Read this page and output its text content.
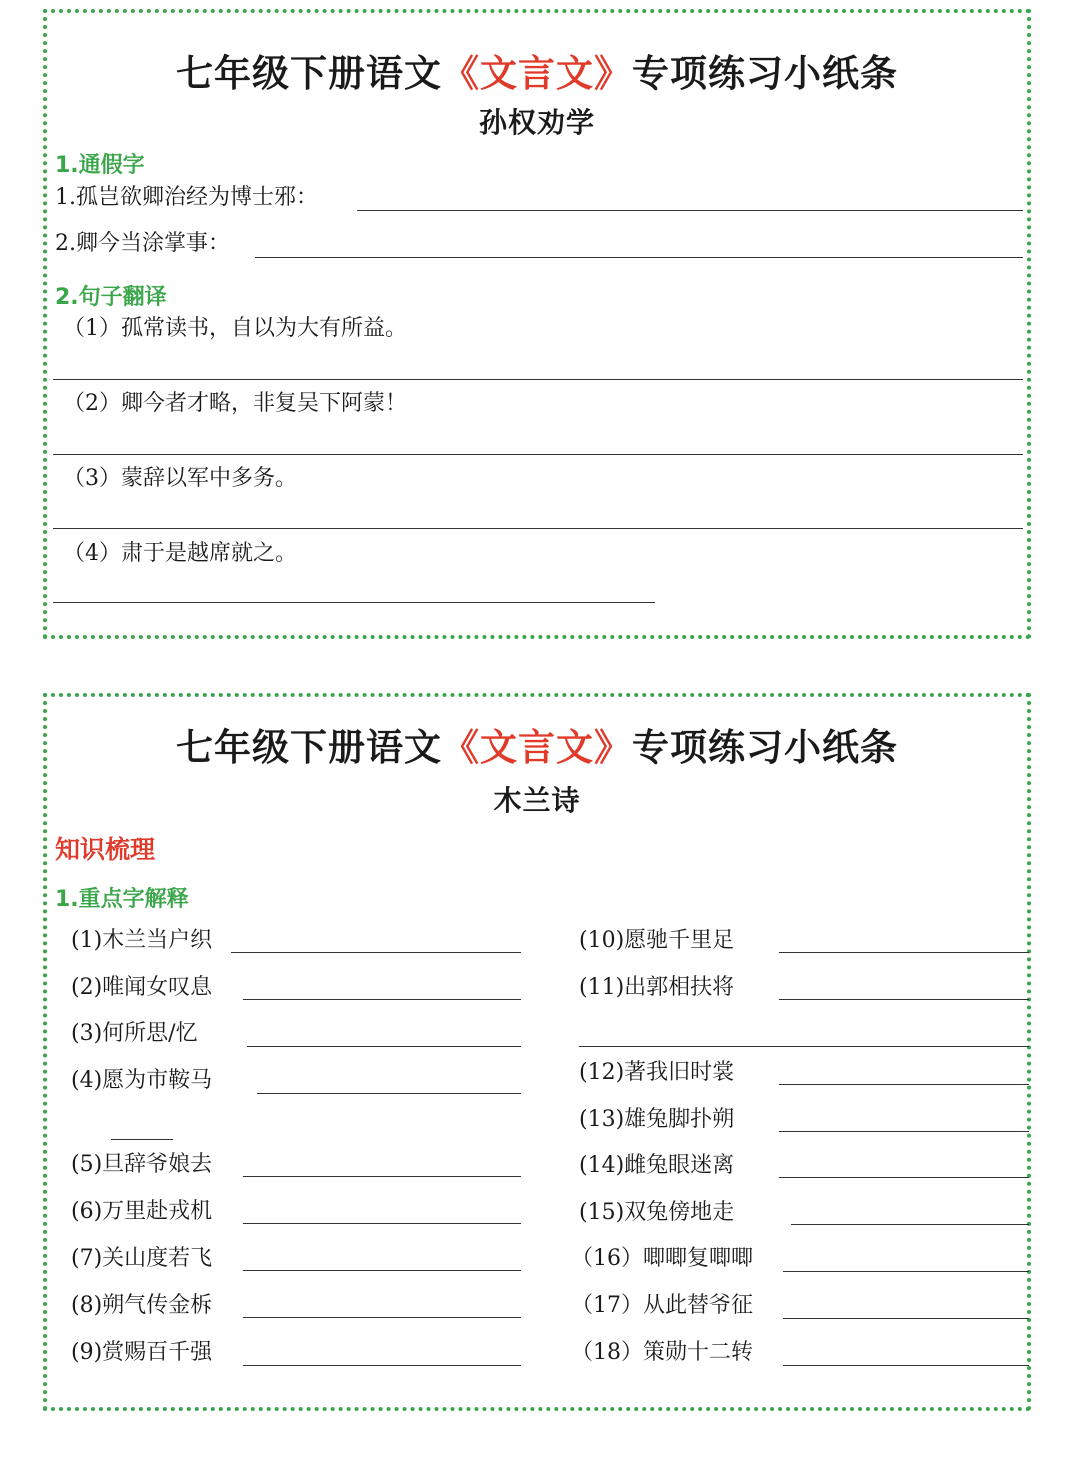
七年级下册语文《文言文》专项练习小纸条
孙权劝学
1.通假字
1.孤岂欲卿治经为博士邪：
2.卿今当涂掌事：
2.句子翻译
（1）孤常读书，自以为大有所益。
（2）卿今者才略，非复吴下阿蒙！
（3）蒙辞以军中多务。
（4）肃于是越席就之。
七年级下册语文《文言文》专项练习小纸条
木兰诗
知识梳理
1.重点字解释
(1)木兰当户织
(2)唯闻女叹息
(3)何所思/忆
(4)愿为市鞍马
(5)旦辞爷娘去
(6)万里赴戎机
(7)关山度若飞
(8)朔气传金柝
(9)赏赐百千强
(10)愿驰千里足
(11)出郭相扶将
(12)著我旧时裳
(13)雄兔脚扑朔
(14)雌兔眼迷离
(15)双兔傍地走
（16）唧唧复唧唧
（17）从此替爷征
（18）策勋十二转
